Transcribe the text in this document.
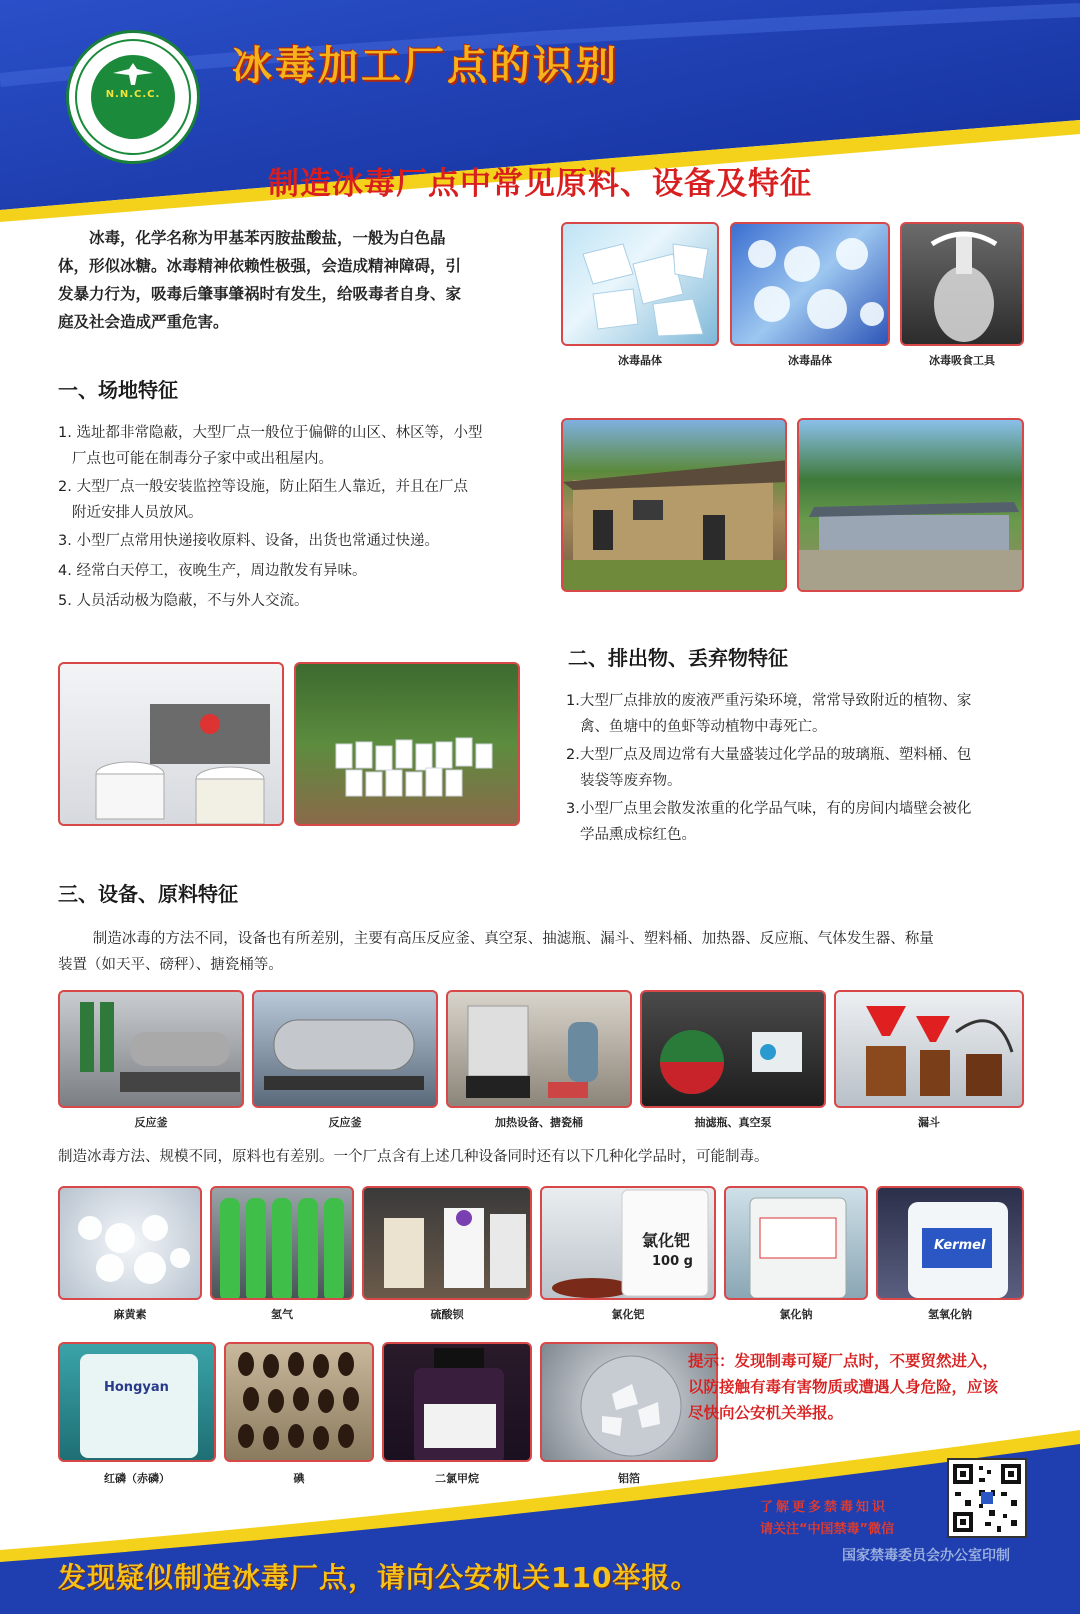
N.N.C.C.
冰毒加工厂点的识别
制造冰毒厂点中常见原料、设备及特征
冰毒，化学名称为甲基苯丙胺盐酸盐，一般为白色晶
体，形似冰糖。冰毒精神依赖性极强，会造成精神障碍，引
发暴力行为，吸毒后肇事肇祸时有发生，给吸毒者自身、家
庭及社会造成严重危害。
冰毒晶体	冰毒晶体	冰毒吸食工具
一、场地特征
1. 选址都非常隐蔽，大型厂点一般位于偏僻的山区、林区等，小型
厂点也可能在制毒分子家中或出租屋内。
2. 大型厂点一般安装监控等设施，防止陌生人靠近，并且在厂点
附近安排人员放风。
3. 小型厂点常用快递接收原料、设备，出货也常通过快递。
4. 经常白天停工，夜晚生产，周边散发有异味。
5. 人员活动极为隐蔽，不与外人交流。
二、排出物、丢弃物特征
1.大型厂点排放的废液严重污染环境，常常导致附近的植物、家
禽、鱼塘中的鱼虾等动植物中毒死亡。
2.大型厂点及周边常有大量盛装过化学品的玻璃瓶、塑料桶、包
装袋等废弃物。
3.小型厂点里会散发浓重的化学品气味，有的房间内墙壁会被化
学品熏成棕红色。
三、设备、原料特征
制造冰毒的方法不同，设备也有所差别，主要有高压反应釜、真空泵、抽滤瓶、漏斗、塑料桶、加热器、反应瓶、气体发生器、称量
装置（如天平、磅秤）、搪瓷桶等。
反应釜	反应釜	加热设备、搪瓷桶	抽滤瓶、真空泵	漏斗
制造冰毒方法、规模不同，原料也有差别。一个厂点含有上述几种设备同时还有以下几种化学品时，可能制毒。
氯化钯
100 g
Kermel
麻黄素	氢气	硫酸钡	氯化钯	氯化钠	氢氧化钠
Hongyan
红磷（赤磷）	碘	二氯甲烷	铝箔
提示：发现制毒可疑厂点时，不要贸然进入，
以防接触有毒有害物质或遭遇人身危险，应该
尽快向公安机关举报。
了解更多禁毒知识
请关注“中国禁毒”微信
发现疑似制造冰毒厂点，请向公安机关110举报。
国家禁毒委员会办公室印制
